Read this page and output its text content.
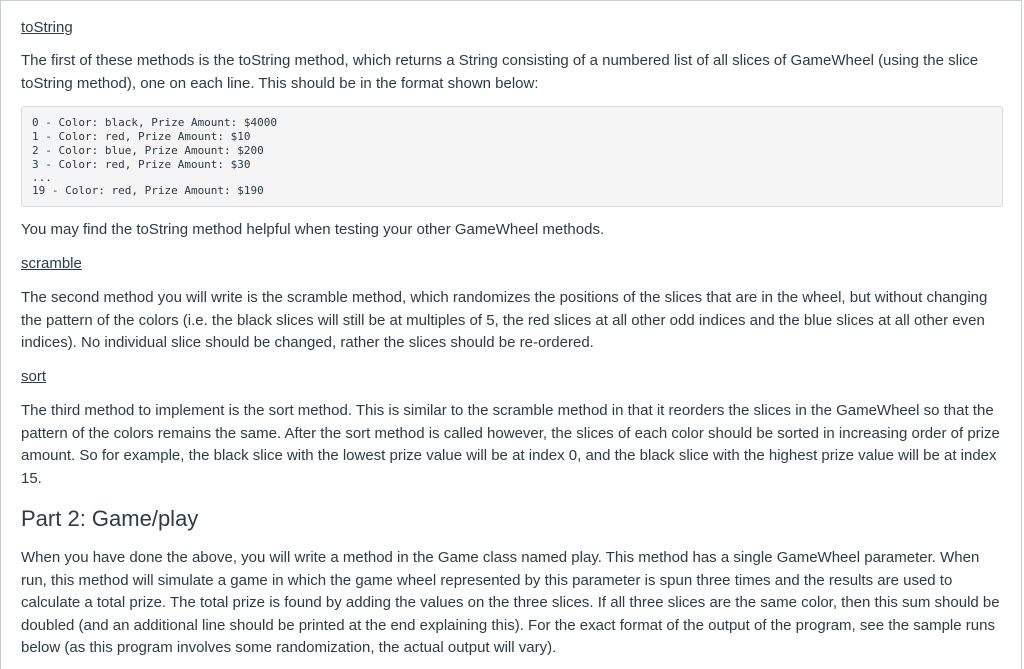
toString

The first of these methods is the toString method, which returns a String consisting of a numbered list of all slices of GameWheel (using the slice toString method), one on each line. This should be in the format shown below:

0 - Color: black, Prize Amount: $4000
1 - Color: red, Prize Amount: $10
2 - Color: blue, Prize Amount: $200
3 - Color: red, Prize Amount: $30
...
19 - Color: red, Prize Amount: $190

You may find the toString method helpful when testing your other GameWheel methods.

scramble

The second method you will write is the scramble method, which randomizes the positions of the slices that are in the wheel, but without changing the pattern of the colors (i.e. the black slices will still be at multiples of 5, the red slices at all other odd indices and the blue slices at all other even indices). No individual slice should be changed, rather the slices should be re-ordered.

sort

The third method to implement is the sort method. This is similar to the scramble method in that it reorders the slices in the GameWheel so that the pattern of the colors remains the same. After the sort method is called however, the slices of each color should be sorted in increasing order of prize amount. So for example, the black slice with the lowest prize value will be at index 0, and the black slice with the highest prize value will be at index 15.

Part 2: Game/play

When you have done the above, you will write a method in the Game class named play. This method has a single GameWheel parameter. When run, this method will simulate a game in which the game wheel represented by this parameter is spun three times and the results are used to calculate a total prize. The total prize is found by adding the values on the three slices. If all three slices are the same color, then this sum should be doubled (and an additional line should be printed at the end explaining this). For the exact format of the output of the program, see the sample runs below (as this program involves some randomization, the actual output will vary).
